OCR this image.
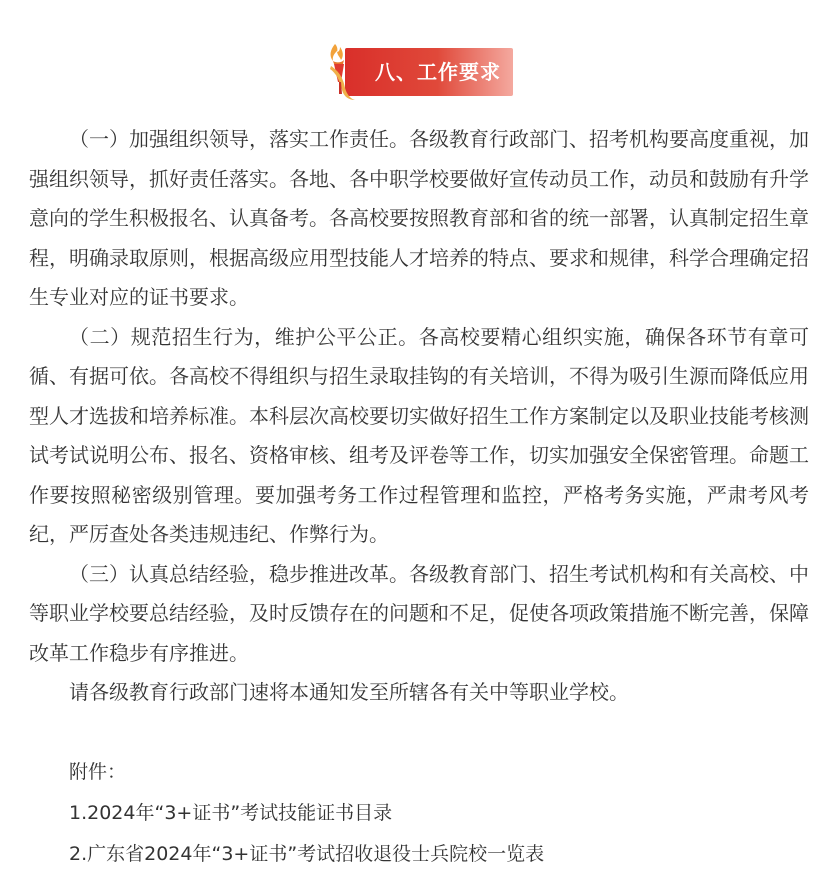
八、工作要求

（一）加强组织领导，落实工作责任。各级教育行政部门、招考机构要高度重视，加强组织领导，抓好责任落实。各地、各中职学校要做好宣传动员工作，动员和鼓励有升学意向的学生积极报名、认真备考。各高校要按照教育部和省的统一部署，认真制定招生章程，明确录取原则，根据高级应用型技能人才培养的特点、要求和规律，科学合理确定招生专业对应的证书要求。

（二）规范招生行为，维护公平公正。各高校要精心组织实施，确保各环节有章可循、有据可依。各高校不得组织与招生录取挂钩的有关培训，不得为吸引生源而降低应用型人才选拔和培养标准。本科层次高校要切实做好招生工作方案制定以及职业技能考核测试考试说明公布、报名、资格审核、组考及评卷等工作，切实加强安全保密管理。命题工作要按照秘密级别管理。要加强考务工作过程管理和监控，严格考务实施，严肃考风考纪，严厉查处各类违规违纪、作弊行为。

（三）认真总结经验，稳步推进改革。各级教育部门、招生考试机构和有关高校、中等职业学校要总结经验，及时反馈存在的问题和不足，促使各项政策措施不断完善，保障改革工作稳步有序推进。

请各级教育行政部门速将本通知发至所辖各有关中等职业学校。

附件：

1.2024年“3+证书”考试技能证书目录

2.广东省2024年“3+证书”考试招收退役士兵院校一览表
